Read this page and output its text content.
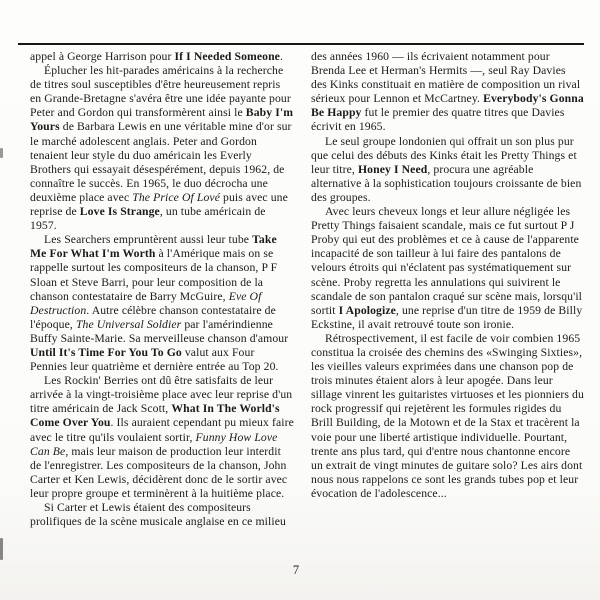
appel à George Harrison pour If I Needed Someone.

Éplucher les hit-parades américains à la recherche de titres soul susceptibles d'être heureusement repris en Grande-Bretagne s'avéra être une idée payante pour Peter and Gordon qui transformèrent ainsi le Baby I'm Yours de Barbara Lewis en une véritable mine d'or sur le marché adolescent anglais. Peter and Gordon tenaient leur style du duo américain les Everly Brothers qui essayait désespérément, depuis 1962, de connaître le succès. En 1965, le duo décrocha une deuxième place avec The Price Of Lové puis avec une reprise de Love Is Strange, un tube américain de 1957.

Les Searchers empruntèrent aussi leur tube Take Me For What I'm Worth à l'Amérique mais on se rappelle surtout les compositeurs de la chanson, P F Sloan et Steve Barri, pour leur composition de la chanson contestataire de Barry McGuire, Eve Of Destruction. Autre célèbre chanson contestataire de l'époque, The Universal Soldier par l'amérindienne Buffy Sainte-Marie. Sa merveilleuse chanson d'amour Until It's Time For You To Go valut aux Four Pennies leur quatrième et dernière entrée au Top 20.

Les Rockin' Berries ont dû être satisfaits de leur arrivée à la vingt-troisième place avec leur reprise d'un titre américain de Jack Scott, What In The World's Come Over You. Ils auraient cependant pu mieux faire avec le titre qu'ils voulaient sortir, Funny How Love Can Be, mais leur maison de production leur interdit de l'enregistrer. Les compositeurs de la chanson, John Carter et Ken Lewis, décidèrent donc de le sortir avec leur propre groupe et terminèrent à la huitième place.

Si Carter et Lewis étaient des compositeurs prolifiques de la scène musicale anglaise en ce milieu

des années 1960 — ils écrivaient notamment pour Brenda Lee et Herman's Hermits —, seul Ray Davies des Kinks constituait en matière de composition un rival sérieux pour Lennon et McCartney. Everybody's Gonna Be Happy fut le premier des quatre titres que Davies écrivit en 1965.

Le seul groupe londonien qui offrait un son plus pur que celui des débuts des Kinks était les Pretty Things et leur titre, Honey I Need, procura une agréable alternative à la sophistication toujours croissante de bien des groupes.

Avec leurs cheveux longs et leur allure négligée les Pretty Things faisaient scandale, mais ce fut surtout P J Proby qui eut des problèmes et ce à cause de l'apparente incapacité de son tailleur à lui faire des pantalons de velours étroits qui n'éclatent pas systématiquement sur scène. Proby regretta les annulations qui suivirent le scandale de son pantalon craqué sur scène mais, lorsqu'il sortit I Apologize, une reprise d'un titre de 1959 de Billy Eckstine, il avait retrouvé toute son ironie.

Rétrospectivement, il est facile de voir combien 1965 constitua la croisée des chemins des «Swinging Sixties», les vieilles valeurs exprimées dans une chanson pop de trois minutes étaient alors à leur apogée. Dans leur sillage vinrent les guitaristes virtuoses et les pionniers du rock progressif qui rejetèrent les formules rigides du Brill Building, de la Motown et de la Stax et tracèrent la voie pour une liberté artistique individuelle. Pourtant, trente ans plus tard, qui d'entre nous chantonne encore un extrait de vingt minutes de guitare solo? Les airs dont nous nous rappelons ce sont les grands tubes pop et leur évocation de l'adolescence...

7
